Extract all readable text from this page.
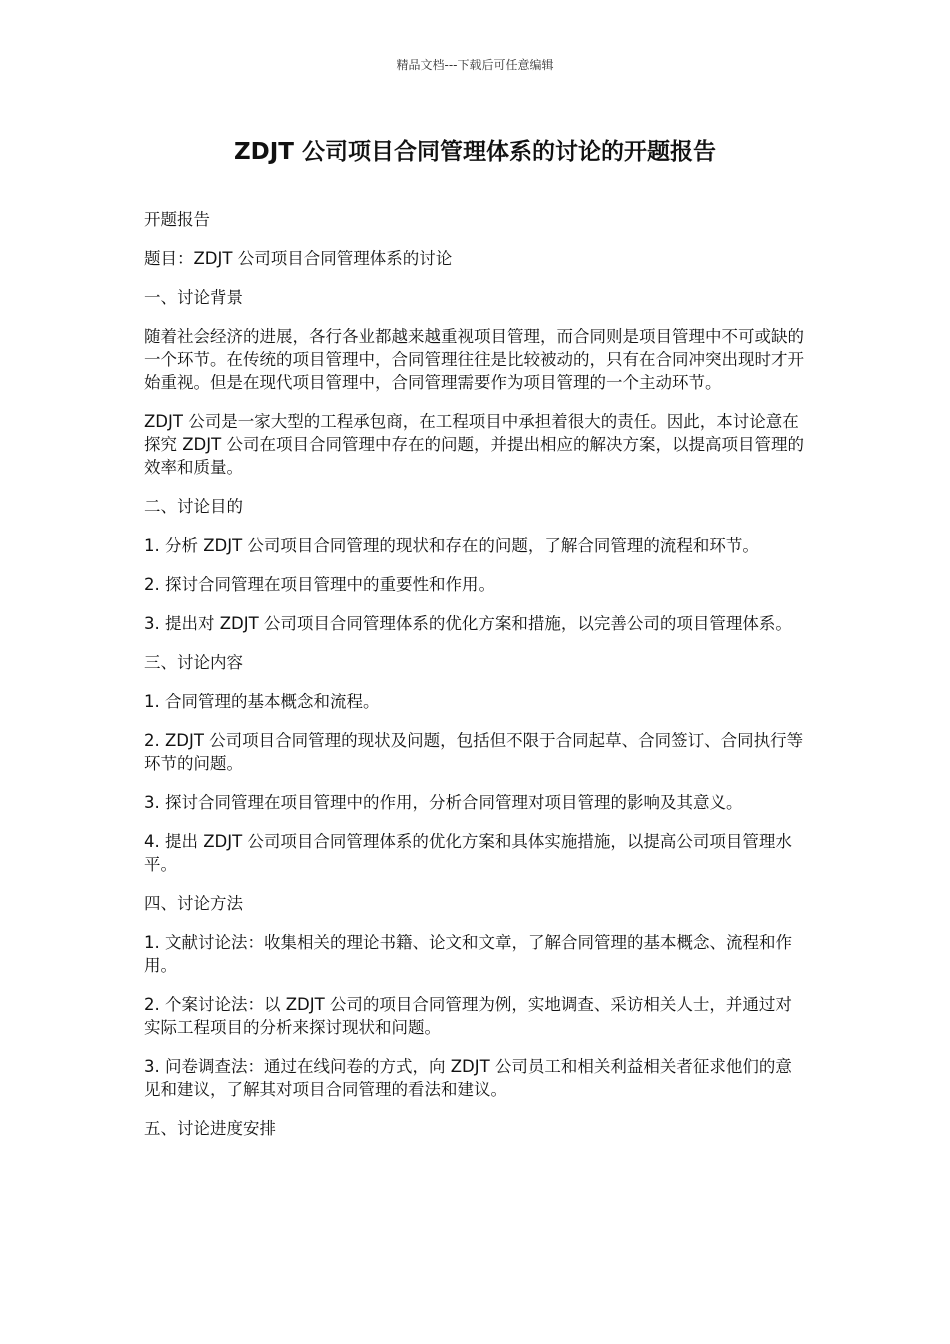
精品文档---下载后可任意编辑
ZDJT 公司项目合同管理体系的讨论的开题报告

开题报告

题目：ZDJT 公司项目合同管理体系的讨论

一、讨论背景

随着社会经济的进展，各行各业都越来越重视项目管理，而合同则是项目管理中不可或缺的一个环节。在传统的项目管理中，合同管理往往是比较被动的，只有在合同冲突出现时才开始重视。但是在现代项目管理中，合同管理需要作为项目管理的一个主动环节。

ZDJT 公司是一家大型的工程承包商，在工程项目中承担着很大的责任。因此，本讨论意在探究 ZDJT 公司在项目合同管理中存在的问题，并提出相应的解决方案，以提高项目管理的效率和质量。

二、讨论目的

1. 分析 ZDJT 公司项目合同管理的现状和存在的问题，了解合同管理的流程和环节。

2. 探讨合同管理在项目管理中的重要性和作用。

3. 提出对 ZDJT 公司项目合同管理体系的优化方案和措施，以完善公司的项目管理体系。

三、讨论内容

1. 合同管理的基本概念和流程。

2. ZDJT 公司项目合同管理的现状及问题，包括但不限于合同起草、合同签订、合同执行等环节的问题。

3. 探讨合同管理在项目管理中的作用，分析合同管理对项目管理的影响及其意义。

4. 提出 ZDJT 公司项目合同管理体系的优化方案和具体实施措施，以提高公司项目管理水平。

四、讨论方法

1. 文献讨论法：收集相关的理论书籍、论文和文章，了解合同管理的基本概念、流程和作用。

2. 个案讨论法：以 ZDJT 公司的项目合同管理为例，实地调查、采访相关人士，并通过对实际工程项目的分析来探讨现状和问题。

3. 问卷调查法：通过在线问卷的方式，向 ZDJT 公司员工和相关利益相关者征求他们的意见和建议，了解其对项目合同管理的看法和建议。

五、讨论进度安排
